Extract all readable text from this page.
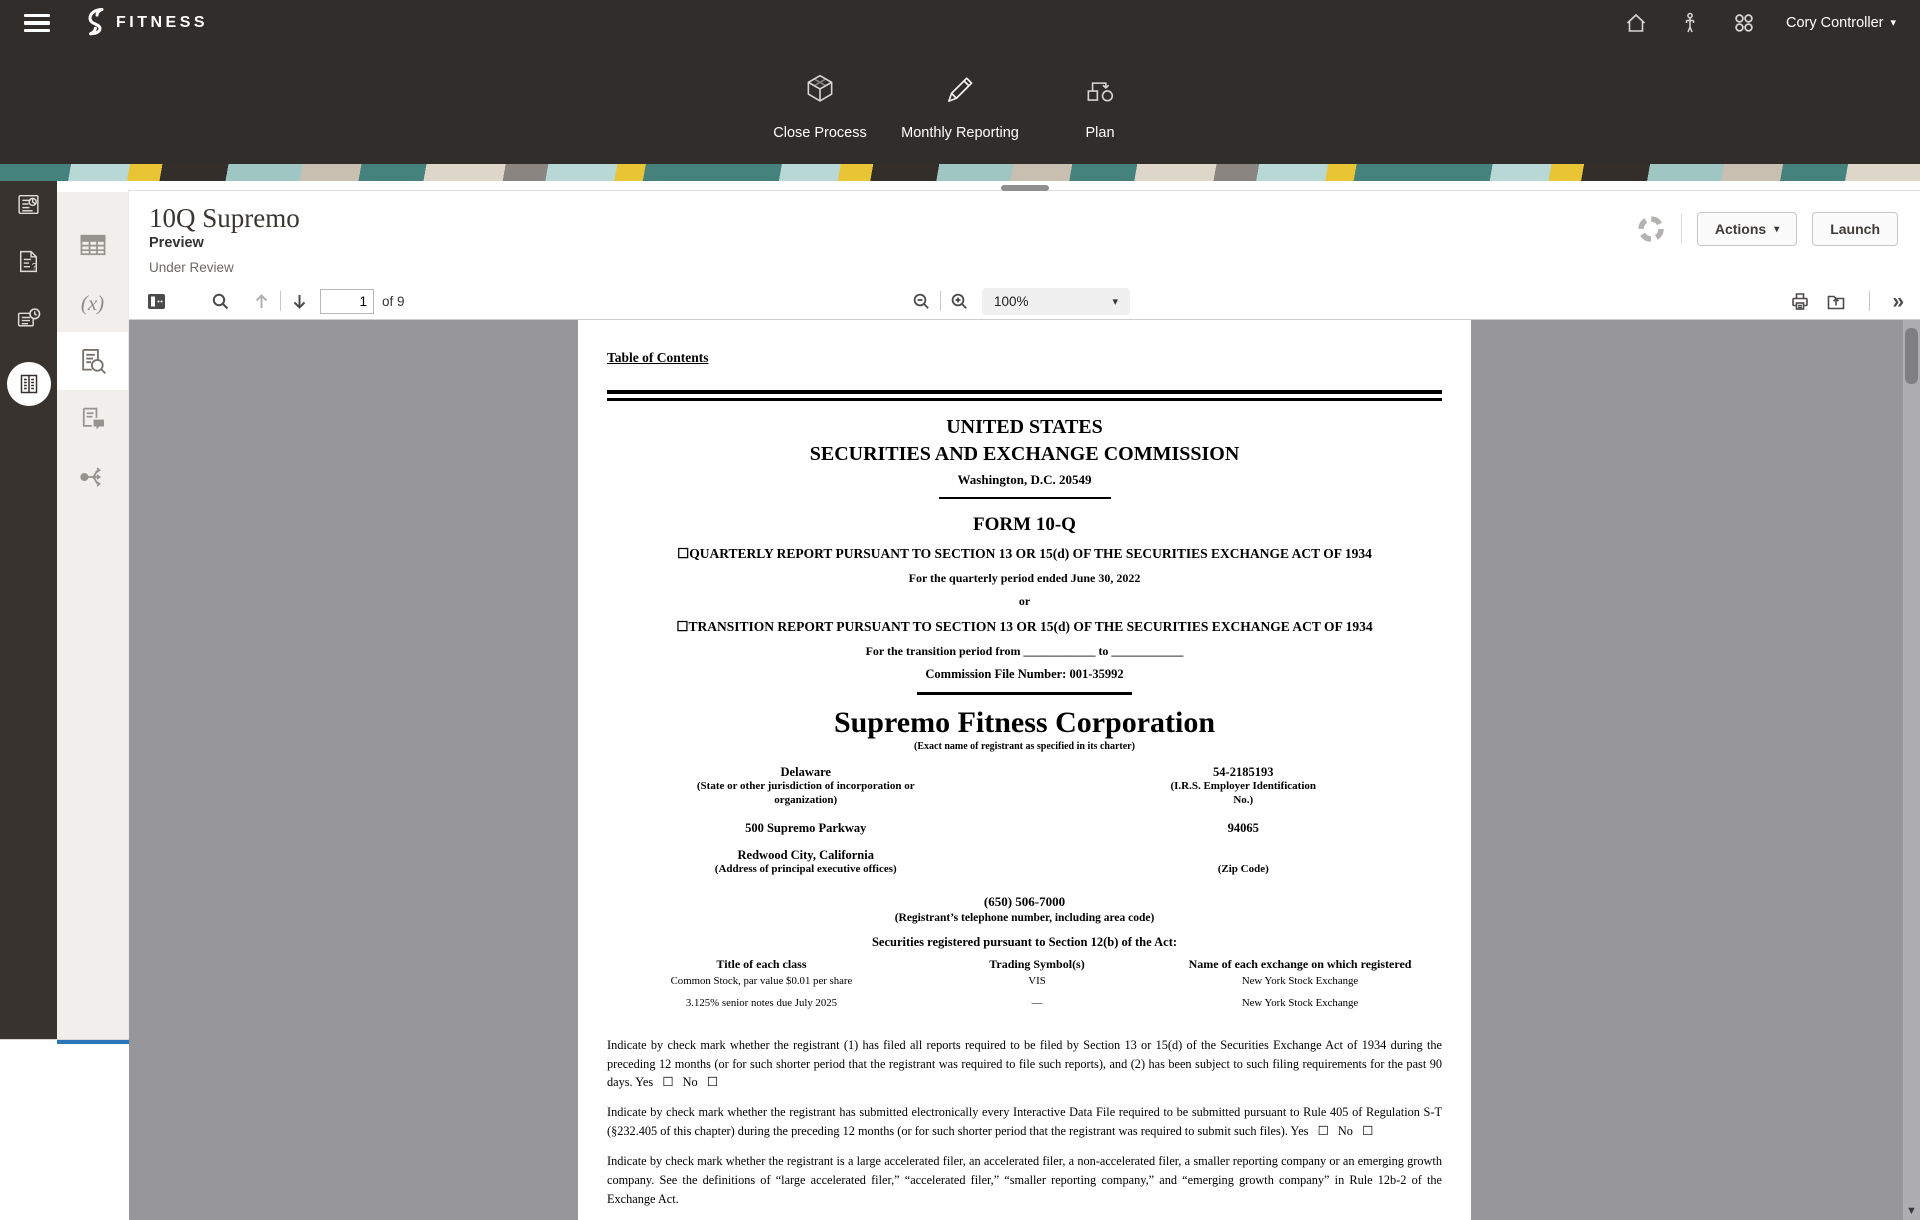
FITNESS	Cory Controller ▾
Close Process Monthly Reporting	Plan
?
(x)
10Q Supremo
Preview
Under Review
Actions ▾	Launch
1
of 9	100%	▾	»
Table of Contents
UNITED STATES
SECURITIES AND EXCHANGE COMMISSION
Washington, D.C. 20549
FORM 10-Q
☐QUARTERLY REPORT PURSUANT TO SECTION 13 OR 15(d) OF THE SECURITIES EXCHANGE ACT OF 1934
For the quarterly period ended June 30, 2022
or
☐TRANSITION REPORT PURSUANT TO SECTION 13 OR 15(d) OF THE SECURITIES EXCHANGE ACT OF 1934
For the transition period from ____________ to ____________
Commission File Number: 001-35992
Supremo Fitness Corporation
(Exact name of registrant as specified in its charter)
Delaware	54-2185193
(State or other jurisdiction of incorporation or organization)
(I.R.S. Employer Identification No.)
500 Supremo Parkway	94065
Redwood City, California
(Address of principal executive offices)	(Zip Code)
(650) 506-7000
(Registrant’s telephone number, including area code)
Securities registered pursuant to Section 12(b) of the Act:
Title of each class	Trading Symbol(s)	Name of each exchange on which registered
Common Stock, par value $0.01 per share	VIS	New York Stock Exchange
3.125% senior notes due July 2025	—	New York Stock Exchange

Indicate by check mark whether the registrant (1) has filed all reports required to be filed by Section 13 or 15(d) of the Securities Exchange Act of 1934 during the preceding 12 months (or for such shorter period that the registrant was required to file such reports), and (2) has been subject to such filing requirements for the past 90 days. Yes  ☐  No  ☐

Indicate by check mark whether the registrant has submitted electronically every Interactive Data File required to be submitted pursuant to Rule 405 of Regulation S-T (§232.405 of this chapter) during the preceding 12 months (or for such shorter period that the registrant was required to submit such files). Yes  ☐  No  ☐

Indicate by check mark whether the registrant is a large accelerated filer, an accelerated filer, a non-accelerated filer, a smaller reporting company or an emerging growth company. See the definitions of “large accelerated filer,” “accelerated filer,” “smaller reporting company,” and “emerging growth company” in Rule 12b-2 of the Exchange Act.

▼
